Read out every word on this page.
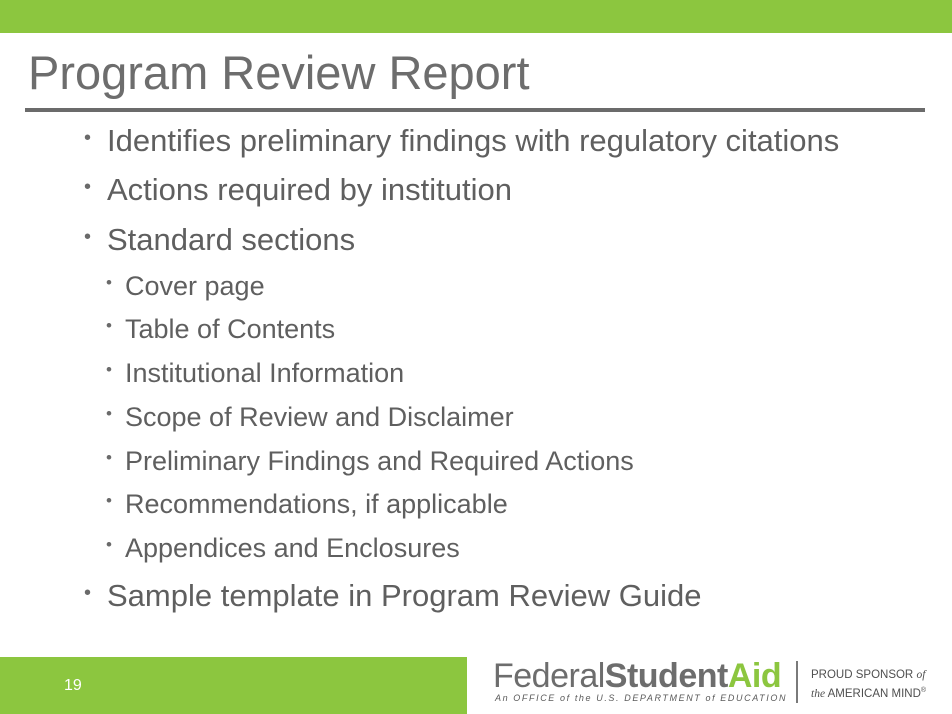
Program Review Report
• Identifies preliminary findings with regulatory citations
• Actions required by institution
• Standard sections
• Cover page
• Table of Contents
• Institutional Information
• Scope of Review and Disclaimer
• Preliminary Findings and Required Actions
• Recommendations, if applicable
• Appendices and Enclosures
• Sample template in Program Review Guide
19	FederalStudentAid
An OFFICE of the U.S. DEPARTMENT of EDUCATION
PROUD SPONSOR of
the AMERICAN MIND®
